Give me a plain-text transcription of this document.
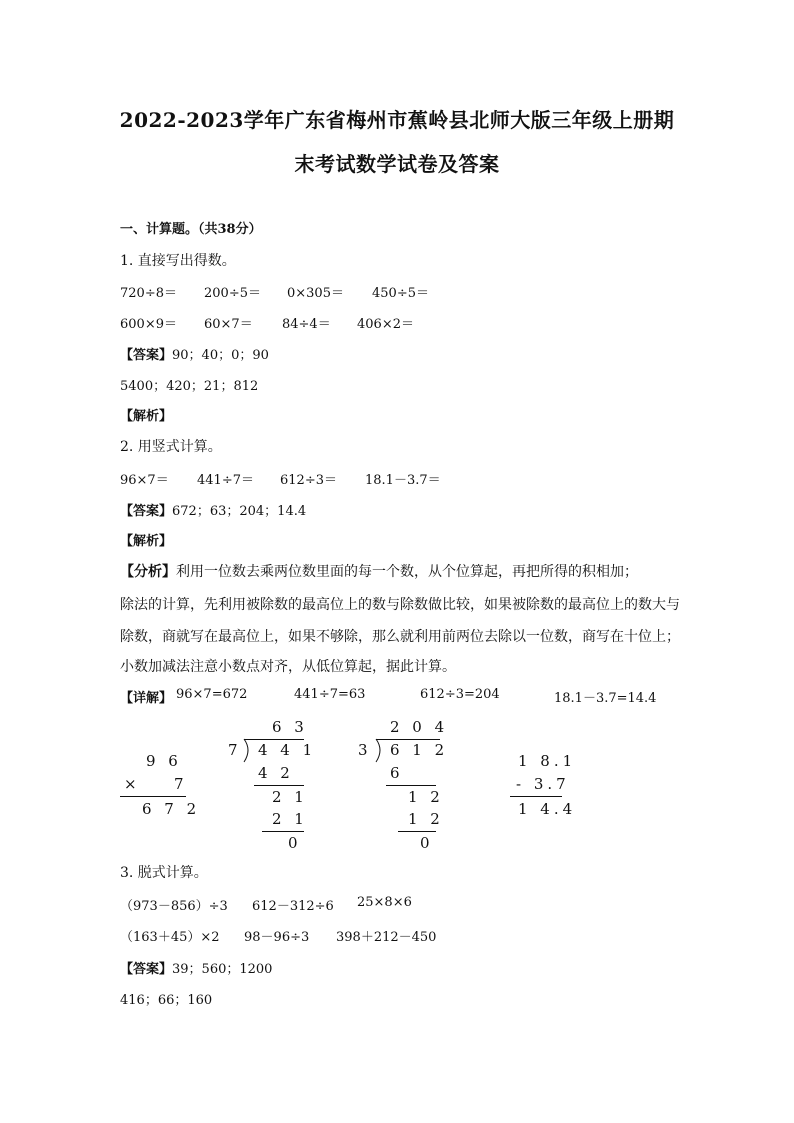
2022-2023学年广东省梅州市蕉岭县北师大版三年级上册期
末考试数学试卷及答案
一、计算题。（共38分）
1. 直接写出得数。
720÷8＝ 200÷5＝ 0×305＝ 450÷5＝
600×9＝ 60×7＝ 84÷4＝ 406×2＝
【答案】90；40；0；90
5400；420；21；812
【解析】
2. 用竖式计算。
96×7＝ 441÷7＝ 612÷3＝ 18.1－3.7＝
【答案】672；63；204；14.4
【解析】
【分析】利用一位数去乘两位数里面的每一个数，从个位算起，再把所得的积相加；
除法的计算，先利用被除数的最高位上的数与除数做比较，如果被除数的最高位上的数大与
除数，商就写在最高位上，如果不够除，那么就利用前两位去除以一位数，商写在十位上；
小数加减法注意小数点对齐，从低位算起，据此计算。
【详解】 96×7=672	441÷7=63	612÷3=204	18.1－3.7=14.4
9 6
× 7
6 7 2
6 3
7 4 4 1
4 2
2 1
2 1
0
2 0 4
3 6 1 2
6
1 2
1 2
0
1 8.1
- 3.7
1 4.4
3. 脱式计算。
（973－856）÷3 612－312÷6 25×8×6
（163＋45）×2 98－96÷3 398＋212－450
【答案】39；560；1200
416；66；160
